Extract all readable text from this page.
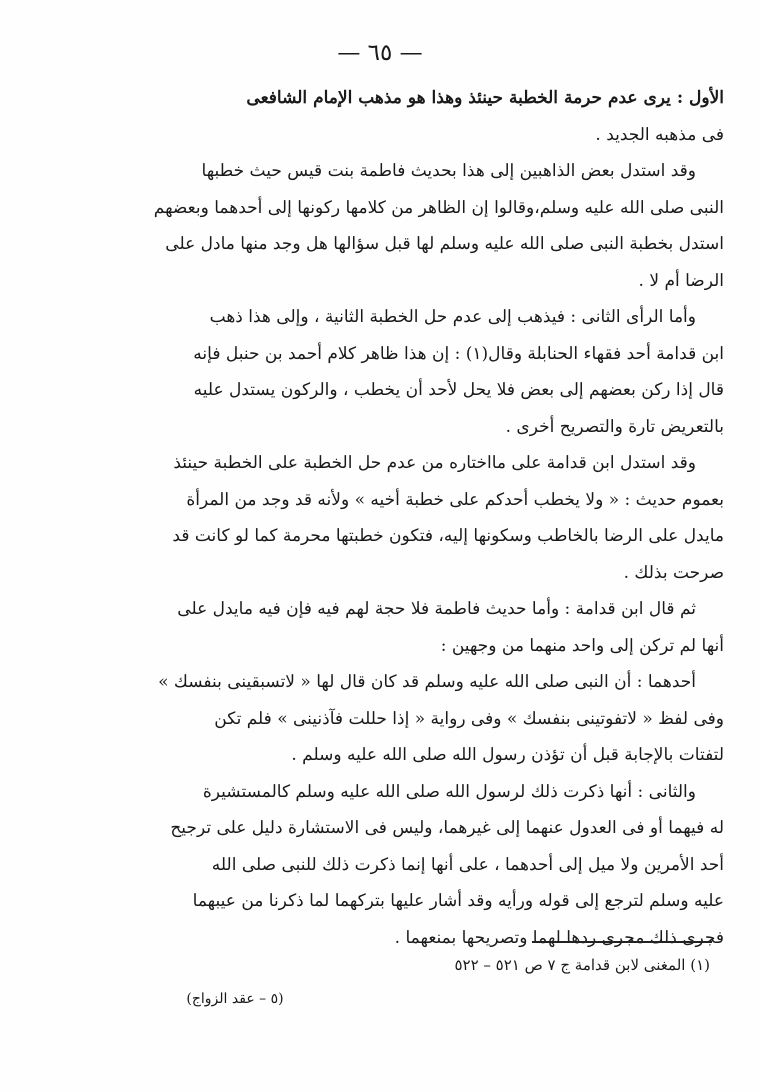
— ٦٥ —
الأول : يرى عدم حرمة الخطبة حينئذ وهذا هو مذهب الإمام الشافعى
فى مذهبه الجديد .
وقد استدل بعض الذاهبين إلى هذا بحديث فاطمة بنت قيس حيث خطبها
النبى صلى الله عليه وسلم،وقالوا إن الظاهر من كلامها ركونها إلى أحدهما وبعضهم
استدل بخطبة النبى صلى الله عليه وسلم لها قبل سؤالها هل وجد منها مادل على
الرضا أم لا .
وأما الرأى الثانى : فيذهب إلى عدم حل الخطبة الثانية ، وإلى هذا ذهب
ابن قدامة أحد فقهاء الحنابلة وقال(١) : إن هذا ظاهر كلام أحمد بن حنبل فإنه
قال إذا ركن بعضهم إلى بعض فلا يحل لأحد أن يخطب ، والركون يستدل عليه
بالتعريض تارة والتصريح أخرى .
وقد استدل ابن قدامة على مااختاره من عدم حل الخطبة على الخطبة حينئذ
بعموم حديث : « ولا يخطب أحدكم على خطبة أخيه » ولأنه قد وجد من المرأة
مايدل على الرضا بالخاطب وسكونها إليه، فتكون خطبتها محرمة كما لو كانت قد
صرحت بذلك .
ثم قال ابن قدامة : وأما حديث فاطمة فلا حجة لهم فيه فإن فيه مايدل على
أنها لم تركن إلى واحد منهما من وجهين :
أحدهما : أن النبى صلى الله عليه وسلم قد كان قال لها « لاتسبقينى بنفسك »
وفى لفظ « لاتفوتينى بنفسك » وفى رواية « إذا حللت فآذنينى » فلم تكن
لتفتات بالإجابة قبل أن تؤذن رسول الله صلى الله عليه وسلم .
والثانى : أنها ذكرت ذلك لرسول الله صلى الله عليه وسلم كالمستشيرة
له فيهما أو فى العدول عنهما إلى غيرهما، وليس فى الاستشارة دليل على ترجيح
أحد الأمرين ولا ميل إلى أحدهما ، على أنها إنما ذكرت ذلك للنبى صلى الله
عليه وسلم لترجع إلى قوله ورأيه وقد أشار عليها بتركهما لما ذكرنا من عيبهما
فجرى ذلك مجرى ردها لهما وتصريحها بمنعهما .
(١) المغنى لابن قدامة ج ٧ ص ٥٢١ – ٥٢٢
(٥ – عقد الزواج)
